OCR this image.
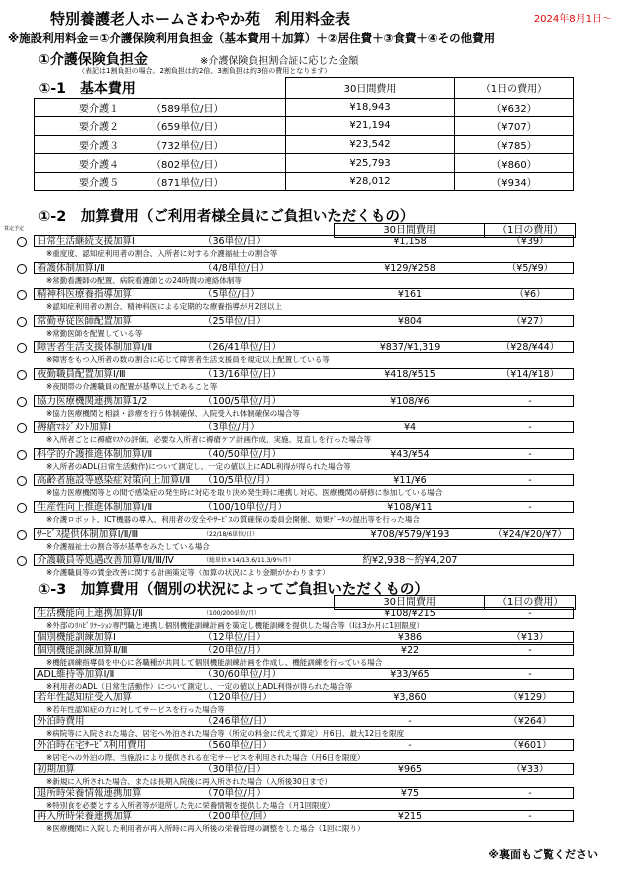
特別養護老人ホームさわやか苑　利用料金表	2024年8月1日～
※施設利用料金＝①介護保険利用負担金（基本費用＋加算）＋②居住費＋③食費＋④その他費用
①介護保険負担金	※介護保険負担割合証に応じた金額
（表記は1割負担の場合。2割負担は約2倍、3割負担は約3倍の費用となります）
①-1　基本費用		30日間費用	（1日の費用）
要介護１	（589単位/日）	¥18,943	（¥632）
要介護２	（659単位/日）	¥21,194	（¥707）
要介護３	（732単位/日）	¥23,542	（¥785）
要介護４	（802単位/日）	¥25,793	（¥860）
要介護５	（871単位/日）	¥28,012	（¥934）
①-2　加算費用（ご利用者様全員にご負担いただくもの）
算定予定	30日間費用	（1日の費用）
日常生活継続支援加算Ⅰ	（36単位/日）	¥1,158	（¥39）
※重度度、認知症利用者の割合、入所者に対する介護福祉士の割合等
看護体制加算Ⅰ/Ⅱ	（4/8単位/日）	¥129/¥258	（¥5/¥9）
※常勤看護師の配置、病院看護師との24時間の連絡体制等
精神科医療養指導加算	（5単位/日）	¥161	（¥6）
※認知症利用者の割合、精神科医による定期的な療養指導が月2回以上
常勤専従医師配置加算	（25単位/日）	¥804	（¥27）
※常勤医師を配置している等
障害者生活支援体制加算Ⅰ/Ⅱ	（26/41単位/日）	¥837/¥1,319	（¥28/¥44）
※障害をもつ入所者の数の割合に応じて障害者生活支援員を規定以上配置している等
夜勤職員配置加算Ⅰ/Ⅲ	（13/16単位/日）	¥418/¥515	（¥14/¥18）
※夜間帯の介護職員の配置が基準以上であること等
協力医療機関連携加算1/2	（100/5単位/月）	¥108/¥6	-
※協力医療機関と相談・診療を行う体制確保、入院受入れ体制確保の場合等
褥瘡ﾏﾈｼﾞﾒﾝﾄ加算Ⅰ	（3単位/月）	¥4	-
※入所者ごとに褥瘡ﾘｽｸの評価、必要な入所者に褥瘡ケア計画作成、実施、見直しを行った場合等
科学的介護推進体制加算Ⅰ/Ⅱ	（40/50単位/月）	¥43/¥54	-
※入所者のADL(日常生活動作)について測定し、一定の値以上にADL利得が得られた場合等
高齢者施設等感染症対策向上加算Ⅰ/Ⅱ （10/5単位/月）	¥11/¥6	-
※協力医療機関等との間で感染症の発生時に対応を取り決め発生時に連携し対応、医療機関の研修に参加している場合
生産性向上推進体制加算Ⅰ/Ⅱ	（100/10単位/月）	¥108/¥11	-
※介護ロボット、ICT機器の導入、利用者の安全やｻｰﾋﾞｽの質確保の委員会開催、効果ﾃﾞｰﾀの提出等を行った場合
ｻｰﾋﾞｽ提供体制加算Ⅰ/Ⅱ/Ⅲ	（22/18/6単位/日）	¥708/¥579/¥193	（¥24/¥20/¥7）
※介護福祉士の割合等が基準をみたしている場合
介護職員等処遇改善加算Ⅰ/Ⅱ/Ⅲ/Ⅳ	（総単位×14/13.6/11.3/9％月）	約¥2,938～約¥4,207
※介護職員等の賃金改善に関する計画策定等（加算の状況により金額がかわります）
①-3　加算費用（個別の状況によってご負担いただくもの）
30日間費用	（1日の費用）
生活機能向上連携加算Ⅰ/Ⅱ	（100/200単位/月）	¥108/¥215	-
※外部のﾘﾊﾋﾞﾘﾃｰｼｮﾝ専門職と連携し個別機能訓練計画を策定し機能訓練を提供した場合等（Ⅰは3か月に1回限度）
個別機能訓練加算Ⅰ	（12単位/日）	¥386	（¥13）
個別機能訓練加算Ⅱ/Ⅲ	（20単位/月）	¥22	-
※機能訓練指導員を中心に各職種が共同して個別機能訓練計画を作成し、機能訓練を行っている場合
ADL維持等加算Ⅰ/Ⅱ	（30/60単位/月）	¥33/¥65	-
※利用者のADL（日常生活動作）について測定し、一定の値以上ADL利得が得られた場合等
若年性認知症受入加算	（120単位/日）	¥3,860	（¥129）
※若年性認知症の方に対してサービスを行った場合等
外泊時費用	（246単位/日）	-	（¥264）
※病院等に入院された場合、居宅へ外泊された場合等（所定の料金に代えて算定）月6日、最大12日を限度
外泊時在宅ｻｰﾋﾞｽ利用費用	（560単位/日）	-	（¥601）
※居宅への外泊の際、当施設により提供される在宅サービスを利用された場合（月6日を限度）
初期加算	（30単位/日）	¥965	（¥33）
※新規に入所された場合、または長期入院後に再入所された場合（入所後30日まで）
退所時栄養情報連携加算	（70単位/月）	¥75	-
※特別食を必要とする入所者等が退所した先に栄養情報を提供した場合（月1回限度）
再入所時栄養連携加算	（200単位/回）	¥215	-
※医療機関に入院した利用者が再入所時に再入所後の栄養管理の調整をした場合（1回に限り）
※裏面もご覧ください
